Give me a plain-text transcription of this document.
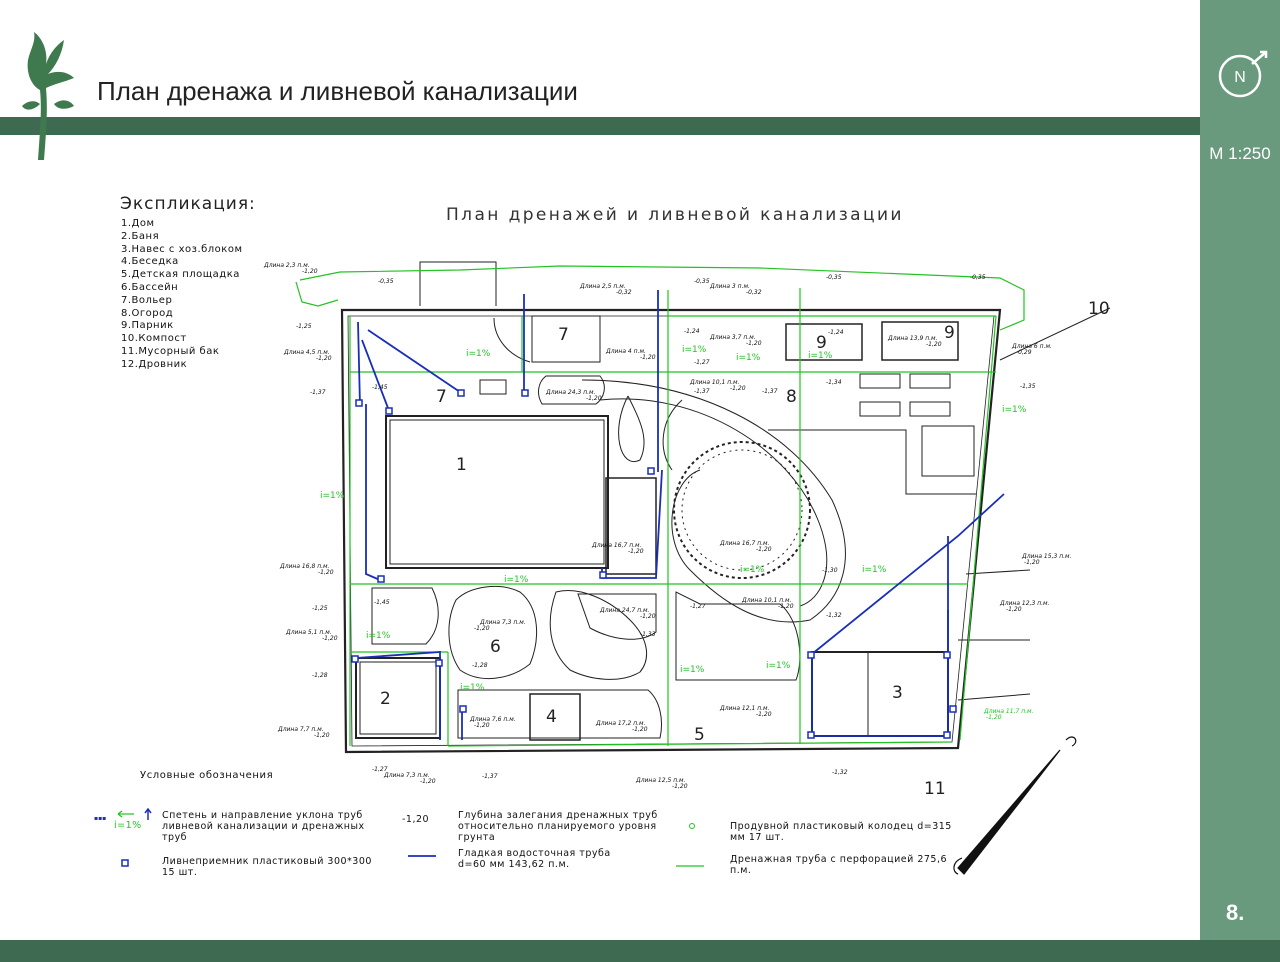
План дренажа и ливневой канализации	N
М 1:250
8.
Экспликация:
1.Дом
2.Баня
3.Навес с хоз.блоком
4.Беседка
5.Детская площадка
6.Бассейн
7.Вольер
8.Огород
9.Парник
10.Компост
11.Мусорный бак
12.Дровник
План дренажей и ливневой канализации
i=1%	i=1%
i=1%	i=1%
i=1%
i=1%
i=1%
i=1%	i=1%
i=1%
i=1%
i=1%	i=1%
1
2	3
4
5
6
7
7	8
9	9
10
11
Длина 2,3 п.м.
-1,20
Длина 4,5 п.м.
-1,20
Длина 2,5 п.м.
-0,32
Длина 3 п.м.
-0,32
Длина 3,7 п.м.
-1,20
Длина 13,9 п.м.
-1,20	Длина 6 п.м.
-0,29
Длина 4 п.м.
-1,20
Длина 10,1 п.м.
-1,20
Длина 24,3 п.м.
-1,20
Длина 16,7 п.м.
-1,20
Длина 16,7 п.м.
-1,20
Длина 16,8 п.м.
-1,20
Длина 15,3 п.м.
-1,20
Длина 12,3 п.м.
-1,20
Длина 10,1 п.м.
-1,20
Длина 24,7 п.м.
-1,20
Длина 7,3 п.м.
-1,20
Длина 5,1 п.м.
-1,20
Длина 7,6 п.м.
-1,20	Длина 17,2 п.м.
-1,20
Длина 12,1 п.м.
-1,20	Длина 11,7 п.м.
-1,20
Длина 7,7 п.м.
-1,20
Длина 7,3 п.м.
-1,20	Длина 12,5 п.м.
-1,20
-0,35	-0,35
-0,35	-0,35
-1,25
-1,37
-1,45
-1,24
-1,27
-1,24
-1,37
-1,34
-1,37
-1,35
-1,30
-1,32
-1,25
-1,45
-1,27
-1,33
-1,28
-1,28
-1,27
-1,37
-1,32
▪▪▪
Условные обозначения
i=1%
Спетень и направление уклона труб ливневой канализации и дренажных труб
Ливнеприемник пластиковый 300*300 15 шт.
-1,20	Глубина залегания дренажных труб относительно планируемого уровня грунта
Гладкая водосточная труба d=60 мм 143,62 п.м.
Продувной пластиковый колодец d=315 мм 17 шт.
Дренажная труба с перфорацией 275,6 п.м.
